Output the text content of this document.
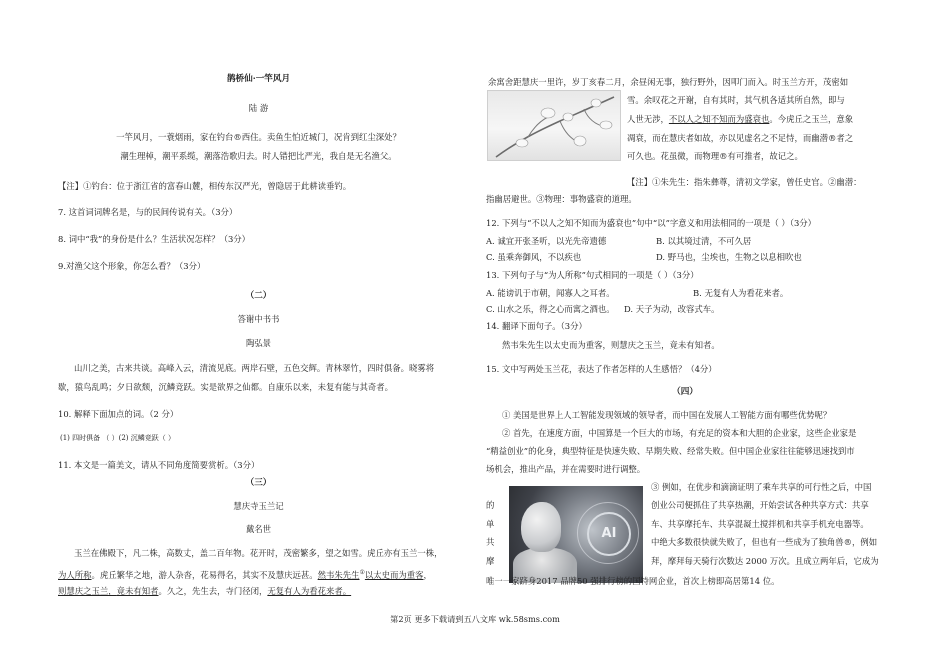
鹊桥仙·一竿风月
陆 游
一竿风月，一蓑烟雨，家在钓台®西住。卖鱼生怕近城门，况肯到红尘深处？
潮生理棹，潮平系缆，潮落浩歌归去。时人错把比严光，我自是无名渔父。
【注】①钓台：位于浙江省的富春山麓，相传东汉严光，曾隐居于此耕读垂钓。
7. 这首词词牌名是，与的民间传说有关。（3分）
8. 词中“我”的身份是什么？生活状况怎样？（3分）
9.对渔父这个形象，你怎么看？（3分）
（二）
答谢中书书
陶弘景
山川之美，古来共谈。高峰入云，清流见底。两岸石壁，五色交辉。青林翠竹，四时俱备。晓雾将
歇，猿鸟乱鸣；夕日欲颓，沉鳞竞跃。实是欲界之仙都。自康乐以来，未复有能与其奇者。
10. 解释下面加点的词。（2 分）
(1) 四时俱备 （ ）(2) 沉鳞竞跃（ ）
11. 本文是一篇美文，请从不同角度简要赏析。（3分）
（三）
慧庆寺玉兰记
戴名世
玉兰在佛殿下，凡二株，高数丈，盖二百年物。花开时，茂密繁多，望之如雪。虎丘亦有玉兰一株，
为人所称。虎丘繁华之地，游人杂沓，花易得名，其实不及慧庆远甚。然韦朱先生①以太史而为重客，
则慧庆之玉兰，竟未有知者。久之，先生去，寺门径闭，无复有人为看花来者。
余寓舍距慧庆一里许，岁丁亥春二月，余昼闲无事，独行野外，因叩门而入。时玉兰方开，茂密如
雪。余叹花之开谢，自有其时，其气机各适其所自然，即与
人世无涉，不以人之知不知而为盛衰也。今虎丘之玉兰，意象
凋衰，而在慧庆者如故，亦以见虚名之不足恃，而幽潜®者之
可久也。花虽微，而物理®有可推者，故记之。
【注】①朱先生：指朱彝尊，清初文学家，曾任史官。②幽潜：
指幽居避世。③物理：事物盛衰的道理。
12. 下列与“不以人之知不知而为盛衰也”句中“以”字意义和用法相同的一项是（ ）（3分）
A. 诚宜开张圣听，以光先帝遗德	B. 以其境过清，不可久居
C. 虽乘奔御风，不以疾也	D. 野马也，尘埃也，生物之以息相吹也
13. 下列句子与“为人所称”句式相同的一项是（ ）（3分）
A. 能谤讥于市朝，闻寡人之耳者。	B. 无复有人为看花来者。
C. 山水之乐，得之心而寓之酒也。 D. 天子为动，改容式车。
14. 翻译下面句子。（3分）
然韦朱先生以太史而为重客，则慧庆之玉兰，竟未有知者。
15. 文中写两处玉兰花，表达了作者怎样的人生感悟？（4分）
（四）
① 美国是世界上人工智能发现领域的领导者，而中国在发展人工智能方面有哪些优势呢？
② 首先，在速度方面，中国算是一个巨大的市场，有充足的资本和大胆的企业家，这些企业家是
“精益创业”的化身，典型特征是快速失败、早期失败、经常失败。但中国企业家往往能够迅速找到市
场机会，推出产品，并在需要时进行调整。
的
单
共
摩
AI
③ 例如，在优步和滴滴证明了乘车共享的可行性之后，中国
创业公司便抓住了共享热潮，开始尝试各种共享方式：共享
车、共享摩托车、共享混凝土搅拌机和共享手机充电器等。
中绝大多数很快就失败了，但也有一些成为了独角兽®，例如
拜，摩拜每天骑行次数达 2000 万次。且成立两年后，它成为
唯一一家跻身2017 品牌50 强排行榜的国特网企业，首次上榜即高居第14 位。
第2页 更多下载请到五八文库 wk.58sms.com
